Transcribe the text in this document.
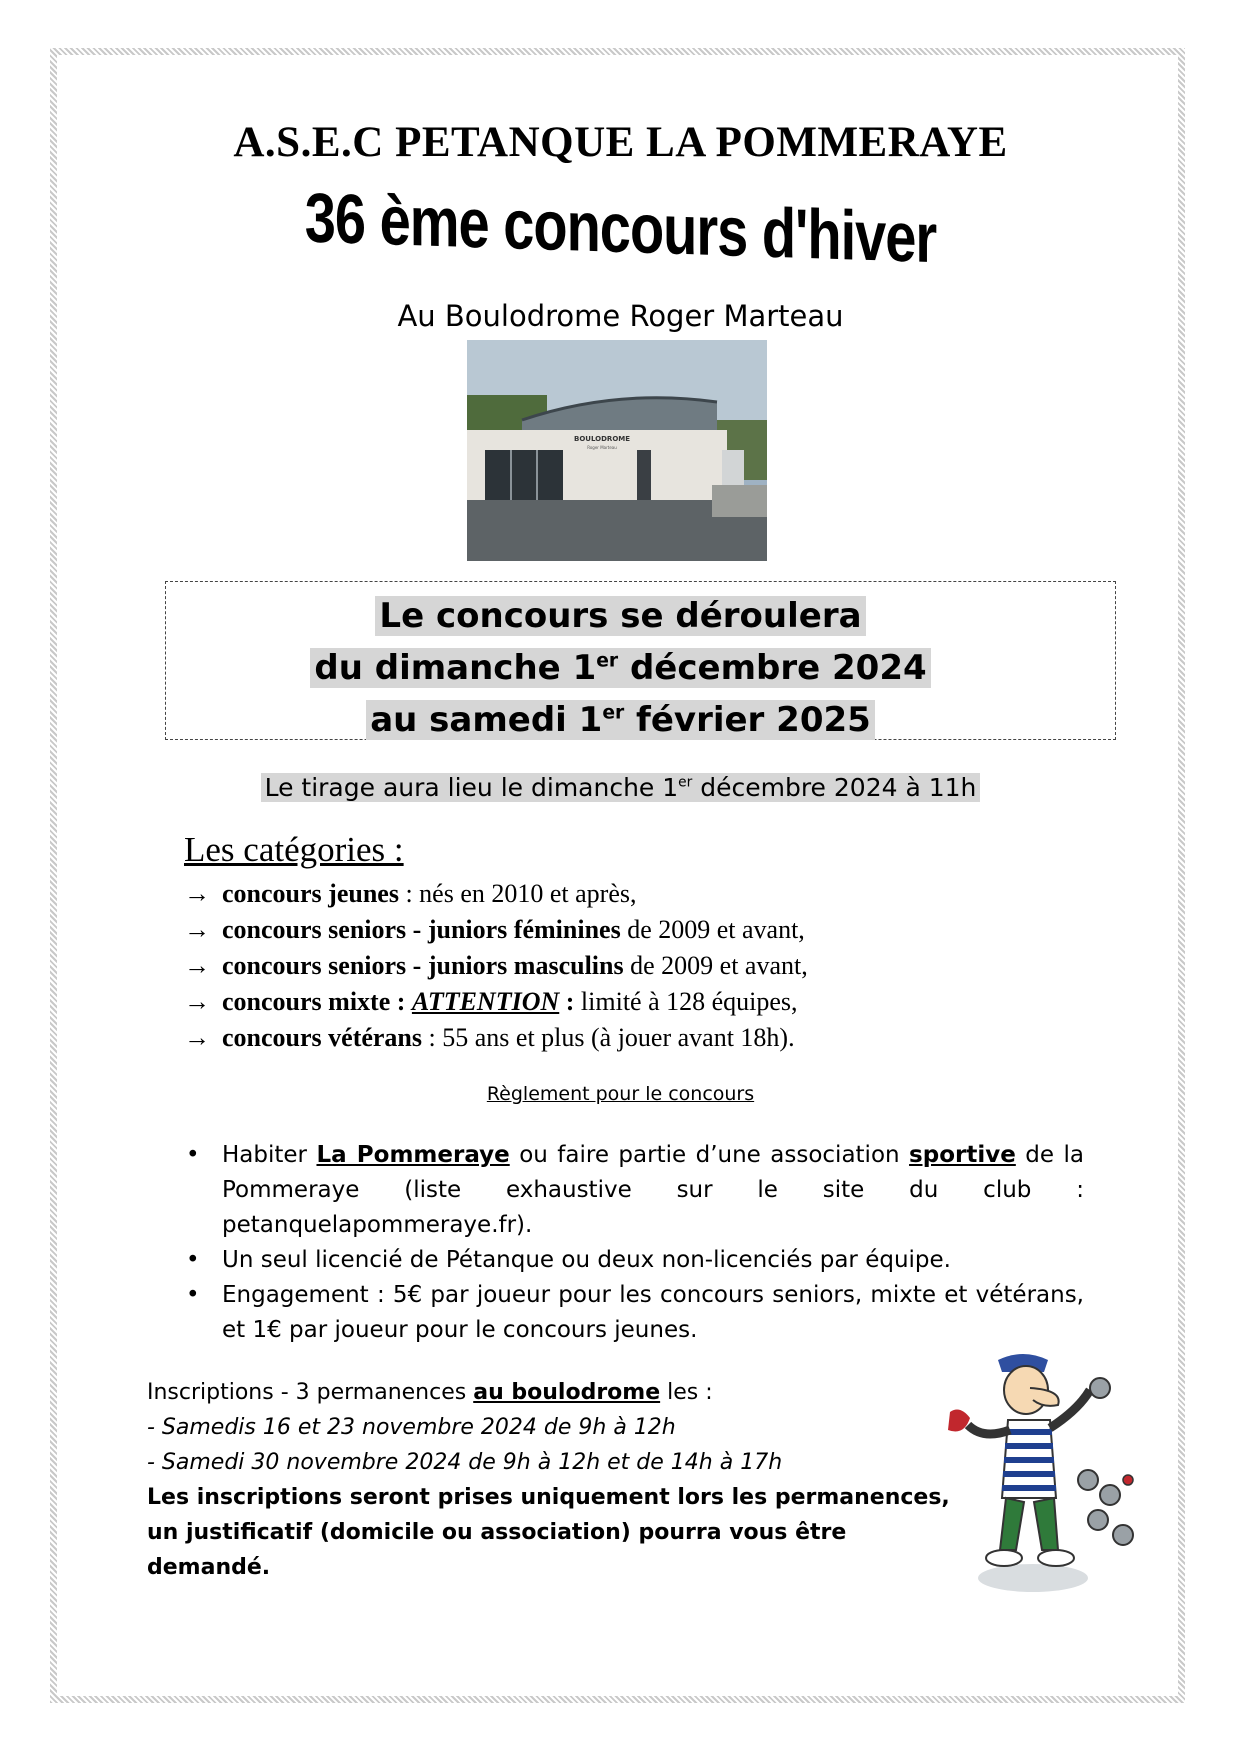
A.S.E.C PETANQUE LA POMMERAYE
36 ème concours d'hiver
Au Boulodrome Roger Marteau
BOULODROME
Roger Marteau
Le concours se déroulera
du dimanche 1er décembre 2024
au samedi 1er février 2025
Le tirage aura lieu le dimanche 1er décembre 2024 à 11h
Les catégories :
→ concours jeunes : nés en 2010 et après,
→ concours seniors - juniors féminines de 2009 et avant,
→ concours seniors - juniors masculins de 2009 et avant,
→ concours mixte : ATTENTION : limité à 128 équipes,
→ concours vétérans : 55 ans et plus (à jouer avant 18h).
Règlement pour le concours
• Habiter La Pommeraye ou faire partie d’une association sportive de la Pommeraye (liste exhaustive sur le site du club : petanquelapommeraye.fr).
• Un seul licencié de Pétanque ou deux non-licenciés par équipe.
• Engagement : 5€ par joueur pour les concours seniors, mixte et vétérans, et 1€ par joueur pour le concours jeunes.
Inscriptions - 3 permanences au boulodrome les :
- Samedis 16 et 23 novembre 2024 de 9h à 12h
- Samedi 30 novembre 2024 de 9h à 12h et de 14h à 17h
Les inscriptions seront prises uniquement lors les permanences,
un justificatif (domicile ou association) pourra vous être demandé.
